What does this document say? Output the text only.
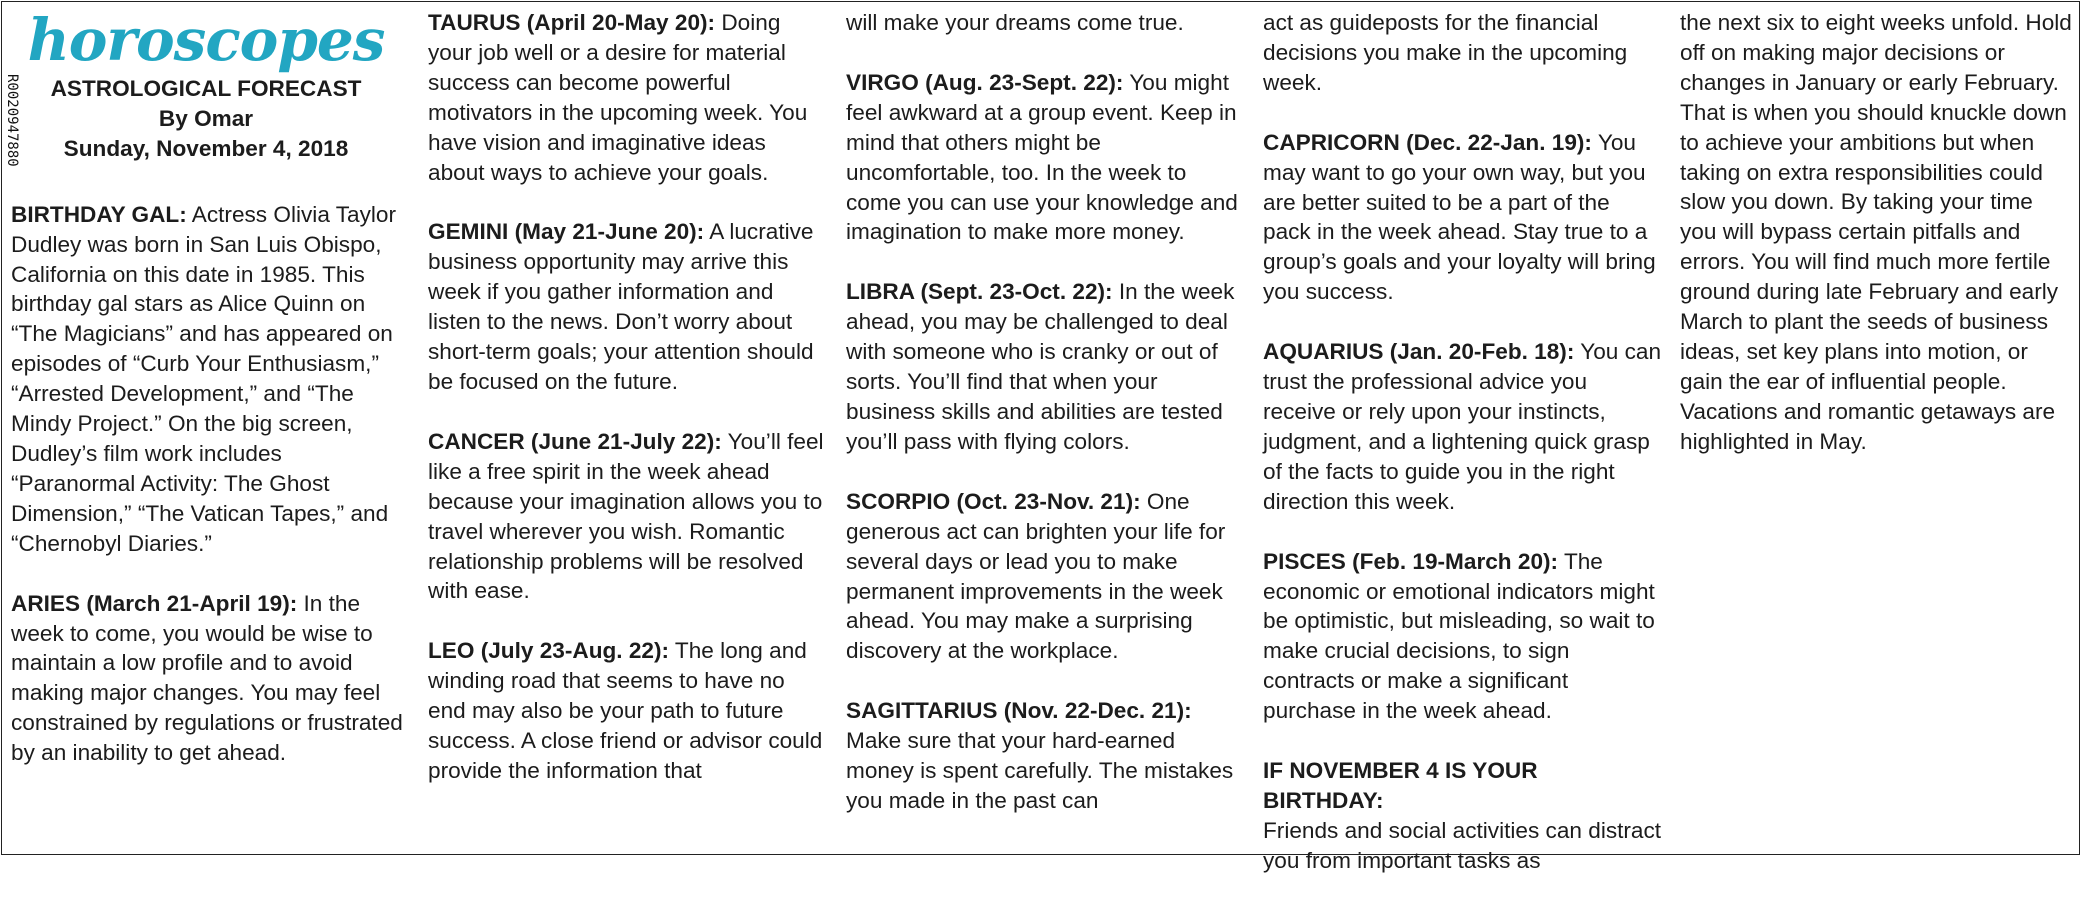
R0020947880
horoscopes
ASTROLOGICAL FORECAST
By Omar
Sunday, November 4, 2018

BIRTHDAY GAL: Actress Olivia Taylor Dudley was born in San Luis Obispo, California on this date in 1985. This birthday gal stars as Alice Quinn on “The Magicians” and has appeared on episodes of “Curb Your Enthusiasm,” “Arrested Development,” and “The Mindy Project.” On the big screen, Dudley’s film work includes “Paranormal Activity: The Ghost Dimension,” “The Vatican Tapes,” and “Chernobyl Diaries.”

ARIES (March 21-April 19): In the week to come, you would be wise to maintain a low profile and to avoid making major changes. You may feel constrained by regulations or frustrated by an inability to get ahead.

TAURUS (April 20-May 20): Doing your job well or a desire for material success can become powerful motivators in the upcoming week. You have vision and imaginative ideas about ways to achieve your goals.

GEMINI (May 21-June 20): A lucrative business opportunity may arrive this week if you gather information and listen to the news. Don’t worry about short-term goals; your attention should be focused on the future.

CANCER (June 21-July 22): You’ll feel like a free spirit in the week ahead because your imagination allows you to travel wherever you wish. Romantic relationship problems will be resolved with ease.

LEO (July 23-Aug. 22): The long and winding road that seems to have no end may also be your path to future success. A close friend or advisor could provide the information that

will make your dreams come true.

VIRGO (Aug. 23-Sept. 22): You might feel awkward at a group event. Keep in mind that others might be uncomfortable, too. In the week to come you can use your knowledge and imagination to make more money.

LIBRA (Sept. 23-Oct. 22): In the week ahead, you may be challenged to deal with someone who is cranky or out of sorts. You’ll find that when your business skills and abilities are tested you’ll pass with flying colors.

SCORPIO (Oct. 23-Nov. 21): One generous act can brighten your life for several days or lead you to make permanent improvements in the week ahead. You may make a surprising discovery at the workplace.

SAGITTARIUS (Nov. 22-Dec. 21):
Make sure that your hard-earned money is spent carefully. The mistakes you made in the past can

act as guideposts for the financial decisions you make in the upcoming week.

CAPRICORN (Dec. 22-Jan. 19): You may want to go your own way, but you are better suited to be a part of the pack in the week ahead. Stay true to a group’s goals and your loyalty will bring you success.

AQUARIUS (Jan. 20-Feb. 18): You can trust the professional advice you receive or rely upon your instincts, judgment, and a lightening quick grasp of the facts to guide you in the right direction this week.

PISCES (Feb. 19-March 20): The economic or emotional indicators might be optimistic, but misleading, so wait to make crucial decisions, to sign contracts or make a significant purchase in the week ahead.

IF NOVEMBER 4 IS YOUR BIRTHDAY:
Friends and social activities can distract you from important tasks as

the next six to eight weeks unfold. Hold off on making major decisions or changes in January or early February. That is when you should knuckle down to achieve your ambitions but when taking on extra responsibilities could slow you down. By taking your time you will bypass certain pitfalls and errors. You will find much more fertile ground during late February and early March to plant the seeds of business ideas, set key plans into motion, or gain the ear of influential people. Vacations and romantic getaways are highlighted in May.
